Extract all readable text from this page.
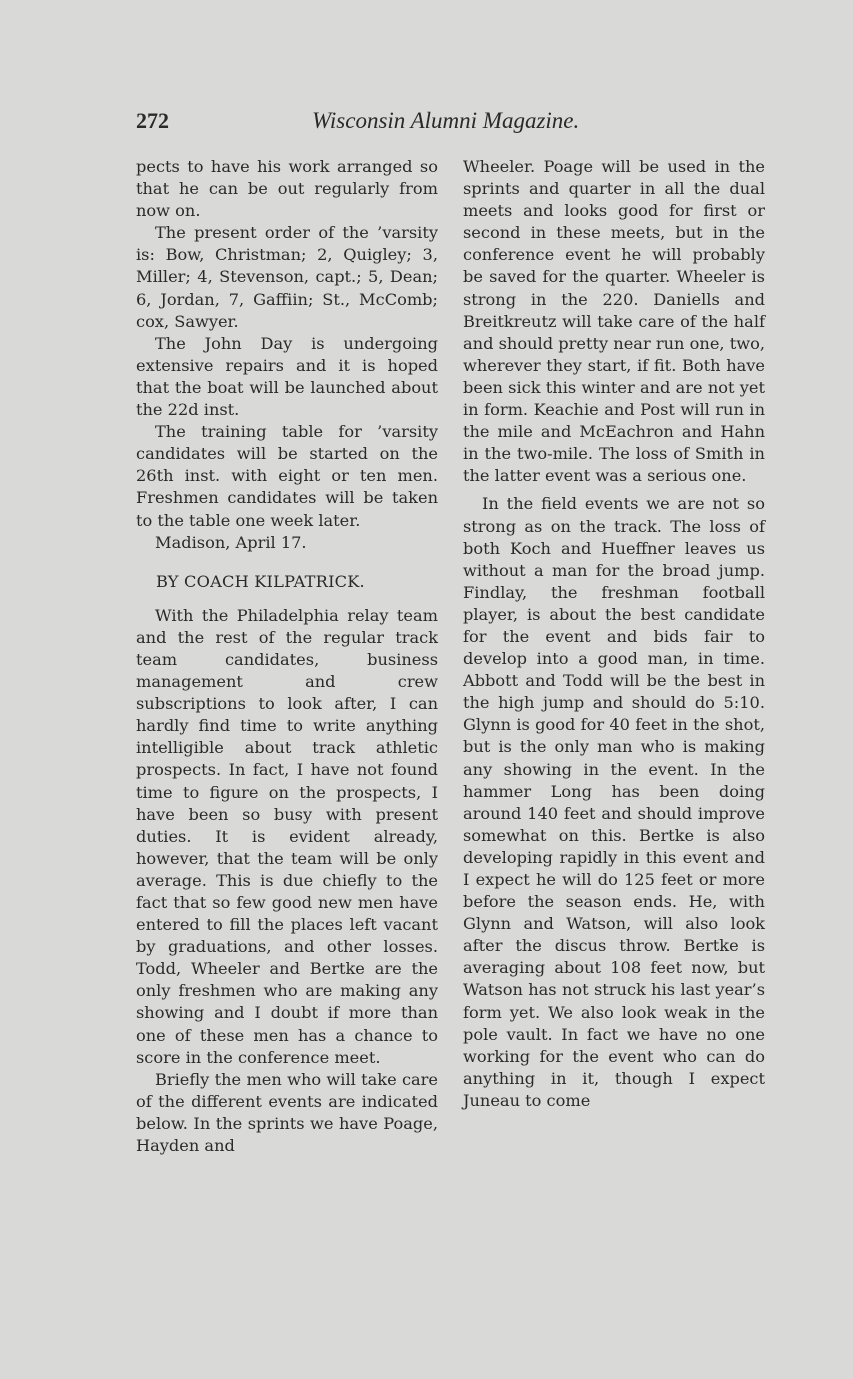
272	Wisconsin Alumni Magazine.

pects to have his work arranged so that he can be out regularly from now on.

The present order of the ’varsity is: Bow, Christman; 2, Quigley; 3, Miller; 4, Stevenson, capt.; 5, Dean; 6, Jordan, 7, Gaffiin; St., McComb; cox, Sawyer.

The John Day is undergoing extensive repairs and it is hoped that the boat will be launched about the 22d inst.

The training table for ’varsity candidates will be started on the 26th inst. with eight or ten men. Freshmen candidates will be taken to the table one week later.

Madison, April 17.

BY COACH KILPATRICK.

With the Philadelphia relay team and the rest of the regular track team candidates, business management and crew subscriptions to look after, I can hardly find time to write anything intelligible about track athletic prospects. In fact, I have not found time to figure on the prospects, I have been so busy with present duties. It is evident already, however, that the team will be only average. This is due chiefly to the fact that so few good new men have entered to fill the places left vacant by graduations, and other losses. Todd, Wheeler and Bertke are the only freshmen who are making any showing and I doubt if more than one of these men has a chance to score in the conference meet.

Briefly the men who will take care of the different events are indicated below. In the sprints we have Poage, Hayden and

Wheeler. Poage will be used in the sprints and quarter in all the dual meets and looks good for first or second in these meets, but in the conference event he will probably be saved for the quarter. Wheeler is strong in the 220. Daniells and Breitkreutz will take care of the half and should pretty near run one, two, wherever they start, if fit. Both have been sick this winter and are not yet in form. Keachie and Post will run in the mile and McEachron and Hahn in the two-mile. The loss of Smith in the latter event was a serious one.

In the field events we are not so strong as on the track. The loss of both Koch and Hueffner leaves us without a man for the broad jump. Findlay, the freshman football player, is about the best candidate for the event and bids fair to develop into a good man, in time. Abbott and Todd will be the best in the high jump and should do 5:10. Glynn is good for 40 feet in the shot, but is the only man who is making any showing in the event. In the hammer Long has been doing around 140 feet and should improve somewhat on this. Bertke is also developing rapidly in this event and I expect he will do 125 feet or more before the season ends. He, with Glynn and Watson, will also look after the discus throw. Bertke is averaging about 108 feet now, but Watson has not struck his last year’s form yet. We also look weak in the pole vault. In fact we have no one working for the event who can do anything in it, though I expect Juneau to come
